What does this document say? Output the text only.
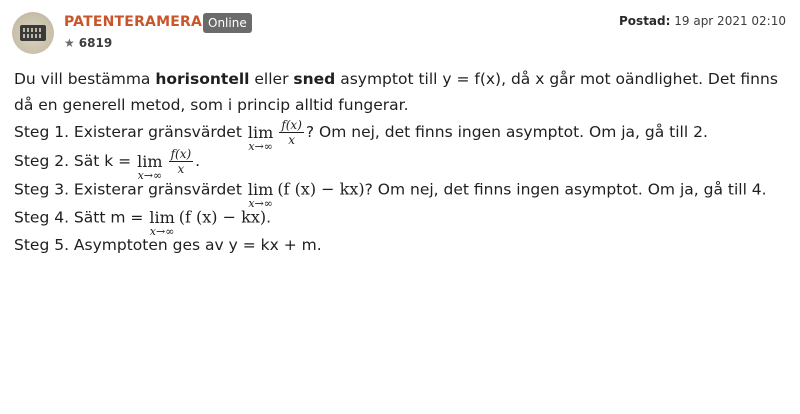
PATENTERAMERA Online
★ 6819
Postad: 19 apr 2021 02:10

Du vill bestämma horisontell eller sned asymptot till y = f(x), då x går mot oändlighet. Det finns då en generell metod, som i princip alltid fungerar.

Steg 1. Existerar gränsvärdet lim
$x\to\infty \frac{f(x)}{x}$ ? Om nej, det finns ingen asymptot. Om ja, gå till 2.

Steg 2. Sät k = lim
$x\to\infty \frac{f(x)}{x}$ .

Steg 3. Existerar gränsvärdet lim
x→∞
(f (x) − kx)? Om nej, det finns ingen asymptot. Om ja, gå till 4.

Steg 4. Sätt m = lim
x→∞
(f (x) − kx).

Steg 5. Asymptoten ges av y = kx + m.
